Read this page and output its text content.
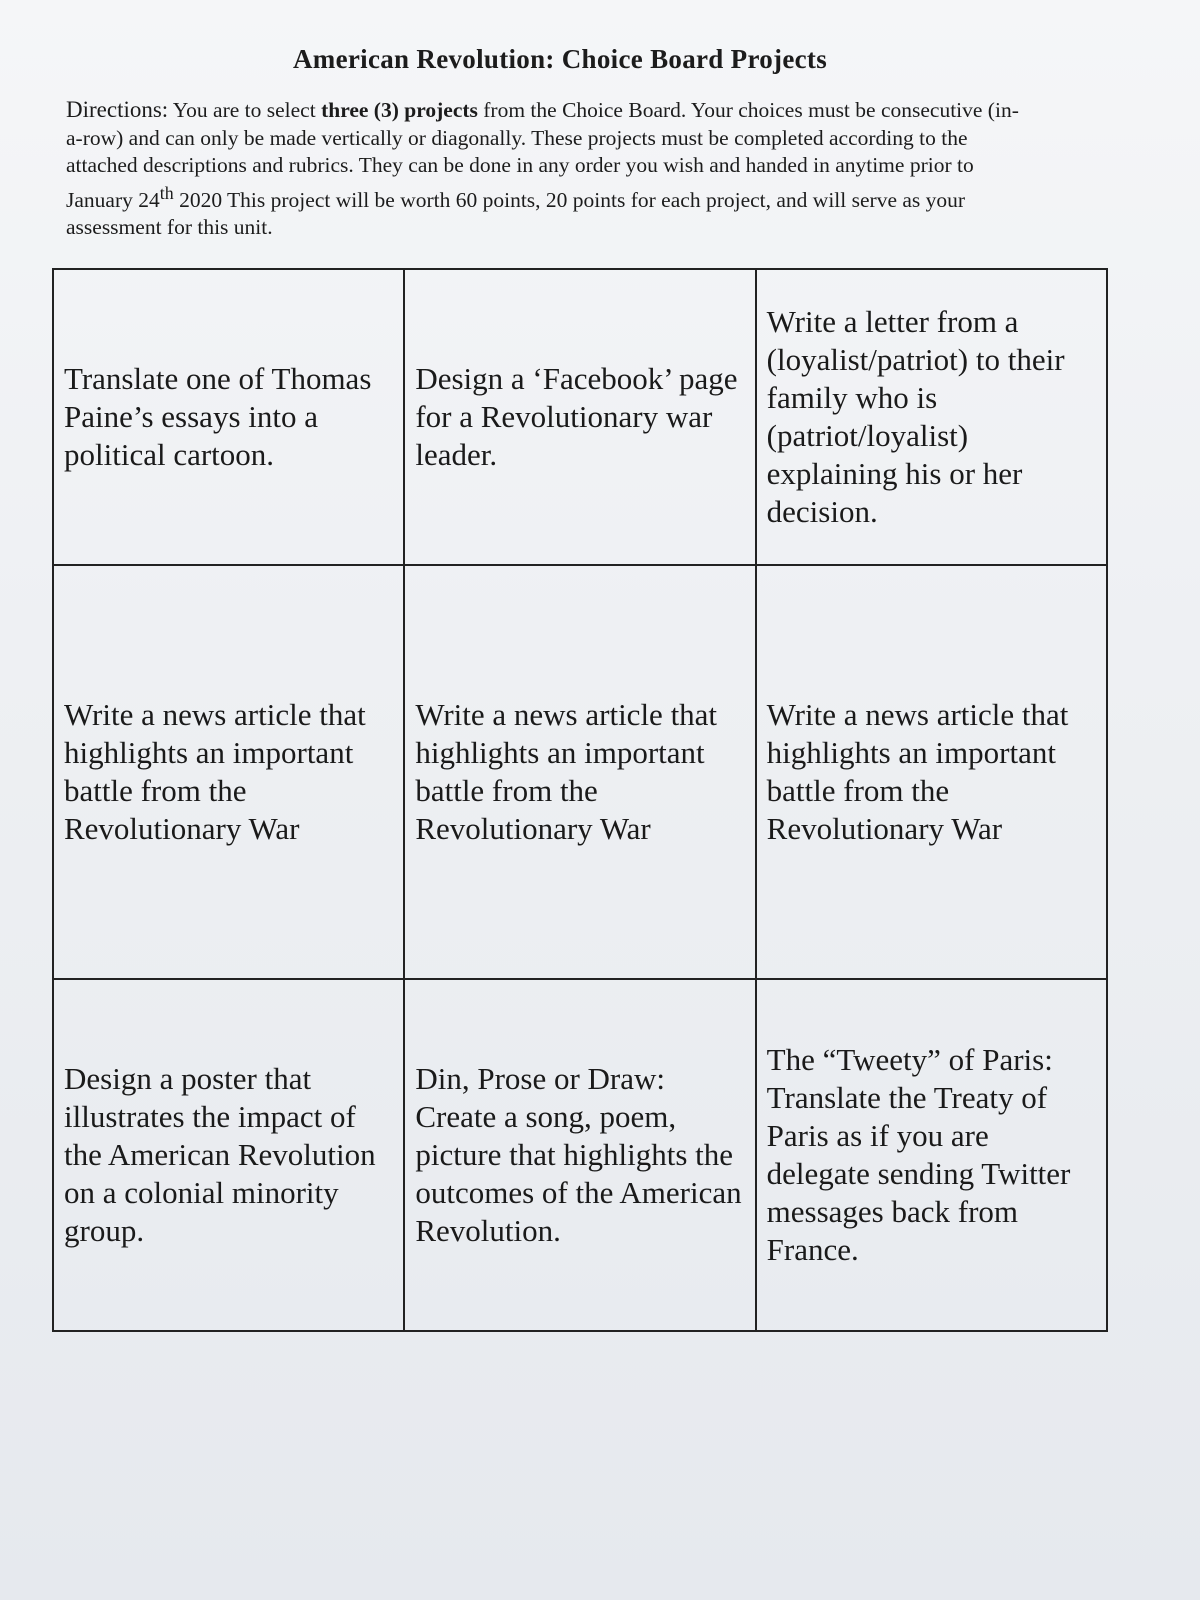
American Revolution: Choice Board Projects
Directions: You are to select three (3) projects from the Choice Board. Your choices must be consecutive (in-a-row) and can only be made vertically or diagonally. These projects must be completed according to the attached descriptions and rubrics. They can be done in any order you wish and handed in anytime prior to January 24th 2020 This project will be worth 60 points, 20 points for each project, and will serve as your assessment for this unit.
Translate one of Thomas Paine’s essays into a political cartoon.	Design a ‘Facebook’ page for a Revolutionary war leader.	Write a letter from a (loyalist/patriot) to their family who is (patriot/loyalist) explaining his or her decision.

Write a news article that highlights an important battle from the Revolutionary War	Write a news article that highlights an important battle from the Revolutionary War	Write a news article that highlights an important battle from the Revolutionary War

Design a poster that illustrates the impact of the American Revolution on a colonial minority group.	Din, Prose or Draw: Create a song, poem, picture that highlights the outcomes of the American Revolution.	The “Tweety” of Paris: Translate the Treaty of Paris as if you are delegate sending Twitter messages back from France.
